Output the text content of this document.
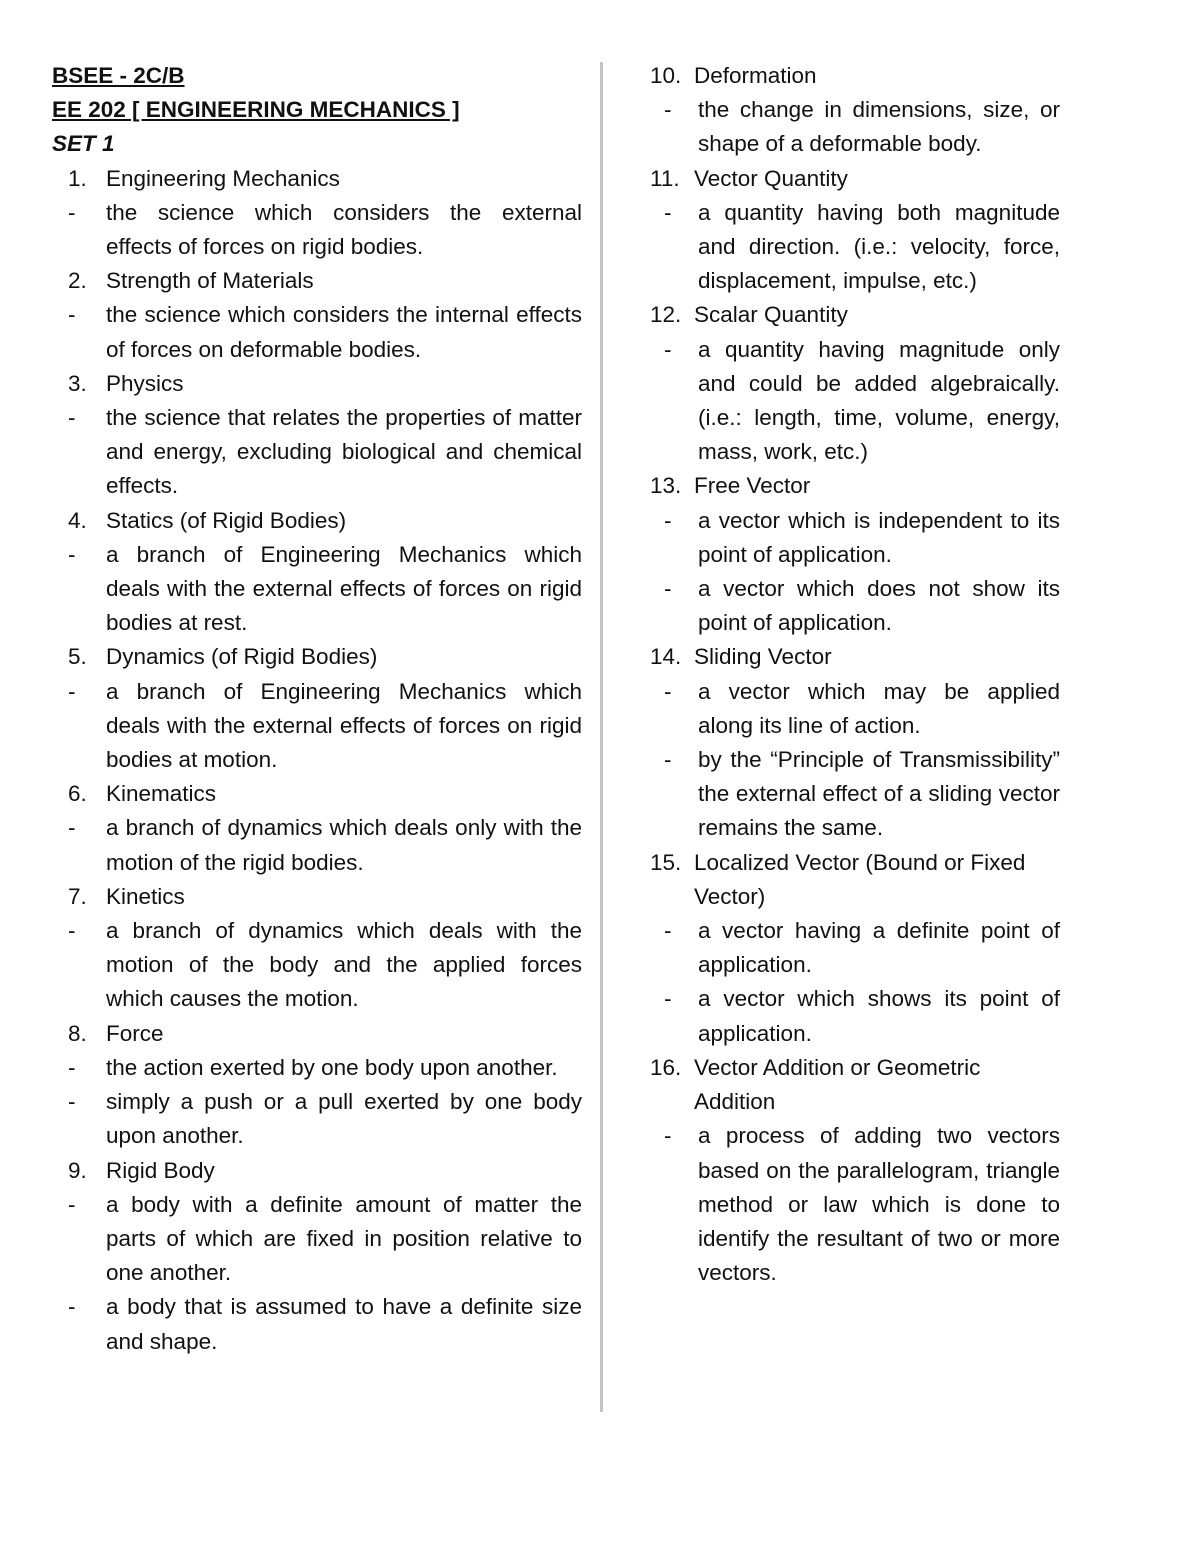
BSEE - 2C/B
EE 202 [ ENGINEERING MECHANICS ]
SET 1
1. Engineering Mechanics
- the science which considers the external effects of forces on rigid bodies.
2. Strength of Materials
- the science which considers the internal effects of forces on deformable bodies.
3. Physics
- the science that relates the properties of matter and energy, excluding biological and chemical effects.
4. Statics (of Rigid Bodies)
- a branch of Engineering Mechanics which deals with the external effects of forces on rigid bodies at rest.
5. Dynamics (of Rigid Bodies)
- a branch of Engineering Mechanics which deals with the external effects of forces on rigid bodies at motion.
6. Kinematics
- a branch of dynamics which deals only with the motion of the rigid bodies.
7. Kinetics
- a branch of dynamics which deals with the motion of the body and the applied forces which causes the motion.
8. Force
- the action exerted by one body upon another.
- simply a push or a pull exerted by one body upon another.
9. Rigid Body
- a body with a definite amount of matter the parts of which are fixed in position relative to one another.
- a body that is assumed to have a definite size and shape.
10. Deformation
- the change in dimensions, size, or shape of a deformable body.
11. Vector Quantity
- a quantity having both magnitude and direction. (i.e.: velocity, force, displacement, impulse, etc.)
12. Scalar Quantity
- a quantity having magnitude only and could be added algebraically. (i.e.: length, time, volume, energy, mass, work, etc.)
13. Free Vector
- a vector which is independent to its point of application.
- a vector which does not show its point of application.
14. Sliding Vector
- a vector which may be applied along its line of action.
- by the “Principle of Transmissibility” the external effect of a sliding vector remains the same.
15. Localized Vector (Bound or Fixed Vector)
- a vector having a definite point of application.
- a vector which shows its point of application.
16. Vector Addition or Geometric Addition
- a process of adding two vectors based on the parallelogram, triangle method or law which is done to identify the resultant of two or more vectors.
